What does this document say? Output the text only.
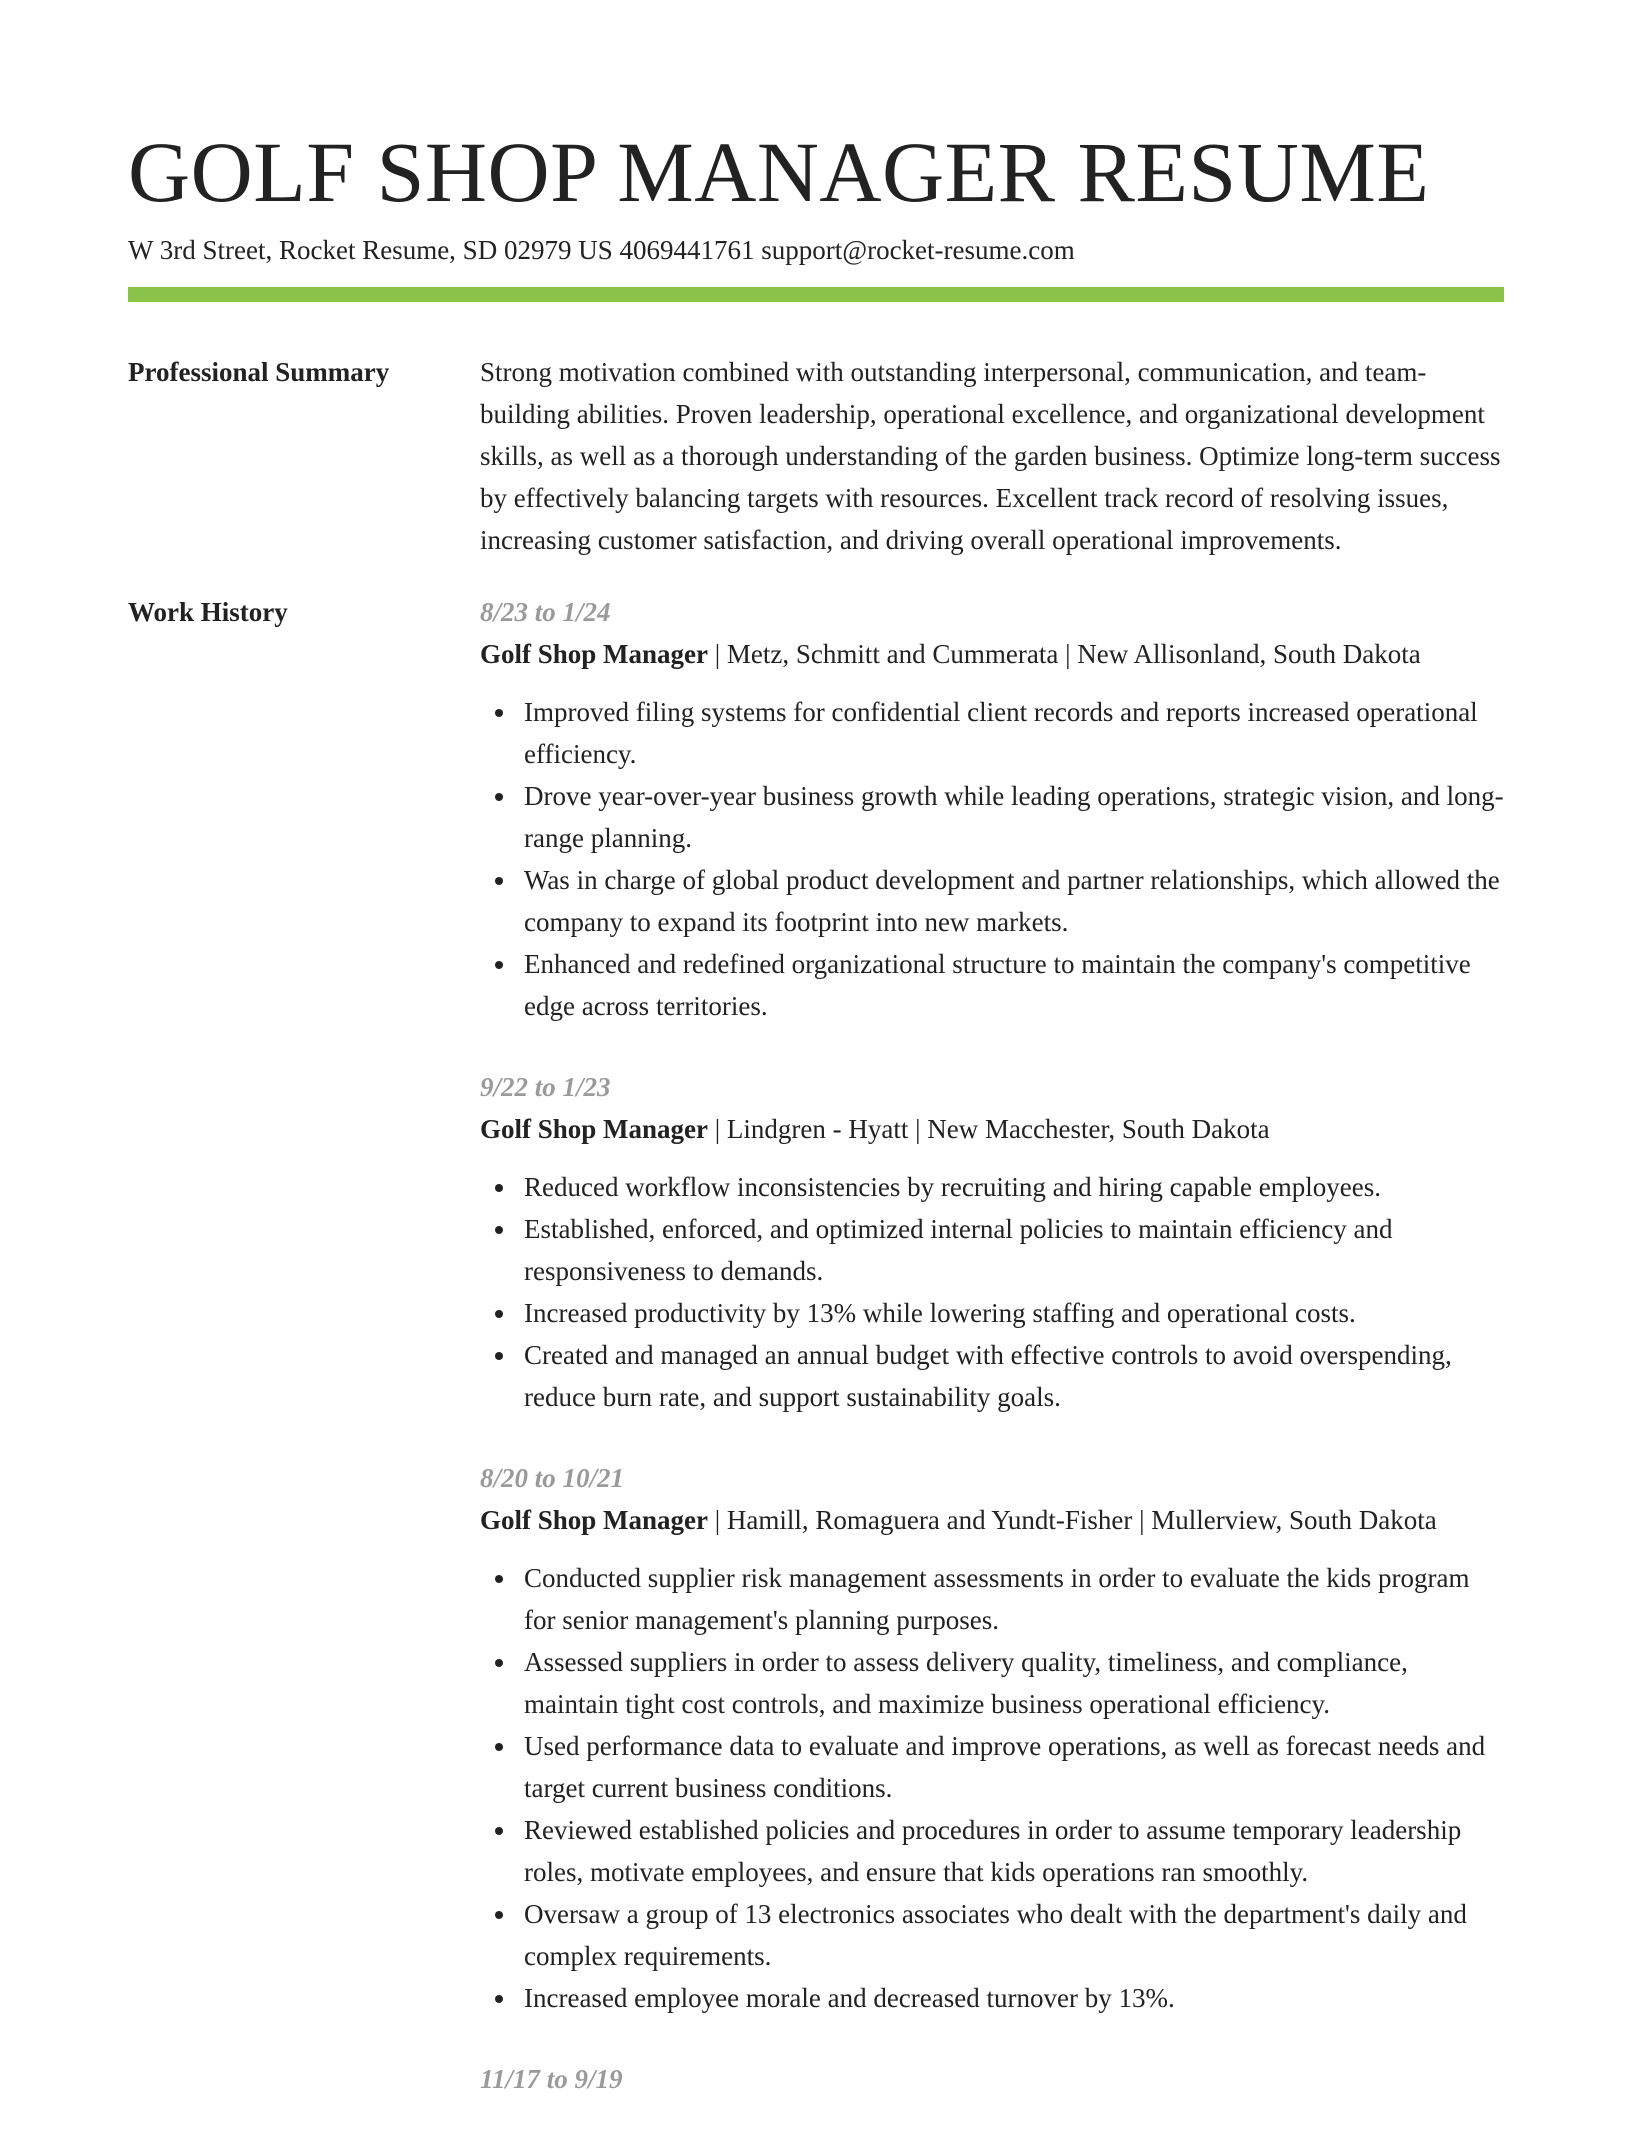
GOLF SHOP MANAGER RESUME
W 3rd Street, Rocket Resume, SD 02979 US 4069441761 support@rocket-resume.com
Professional Summary	Strong motivation combined with outstanding interpersonal, communication, and team-building abilities. Proven leadership, operational excellence, and organizational development skills, as well as a thorough understanding of the garden business. Optimize long-term success by effectively balancing targets with resources. Excellent track record of resolving issues, increasing customer satisfaction, and driving overall operational improvements.
Work History	8/23 to 1/24
Golf Shop Manager | Metz, Schmitt and Cummerata | New Allisonland, South Dakota
Improved filing systems for confidential client records and reports increased operational efficiency.
Drove year-over-year business growth while leading operations, strategic vision, and long-range planning.
Was in charge of global product development and partner relationships, which allowed the company to expand its footprint into new markets.
Enhanced and redefined organizational structure to maintain the company's competitive edge across territories.
9/22 to 1/23
Golf Shop Manager | Lindgren - Hyatt | New Macchester, South Dakota
Reduced workflow inconsistencies by recruiting and hiring capable employees.
Established, enforced, and optimized internal policies to maintain efficiency and responsiveness to demands.
Increased productivity by 13% while lowering staffing and operational costs.
Created and managed an annual budget with effective controls to avoid overspending, reduce burn rate, and support sustainability goals.
8/20 to 10/21
Golf Shop Manager | Hamill, Romaguera and Yundt-Fisher | Mullerview, South Dakota
Conducted supplier risk management assessments in order to evaluate the kids program for senior management's planning purposes.
Assessed suppliers in order to assess delivery quality, timeliness, and compliance, maintain tight cost controls, and maximize business operational efficiency.
Used performance data to evaluate and improve operations, as well as forecast needs and target current business conditions.
Reviewed established policies and procedures in order to assume temporary leadership roles, motivate employees, and ensure that kids operations ran smoothly.
Oversaw a group of 13 electronics associates who dealt with the department's daily and complex requirements.
Increased employee morale and decreased turnover by 13%.
11/17 to 9/19
